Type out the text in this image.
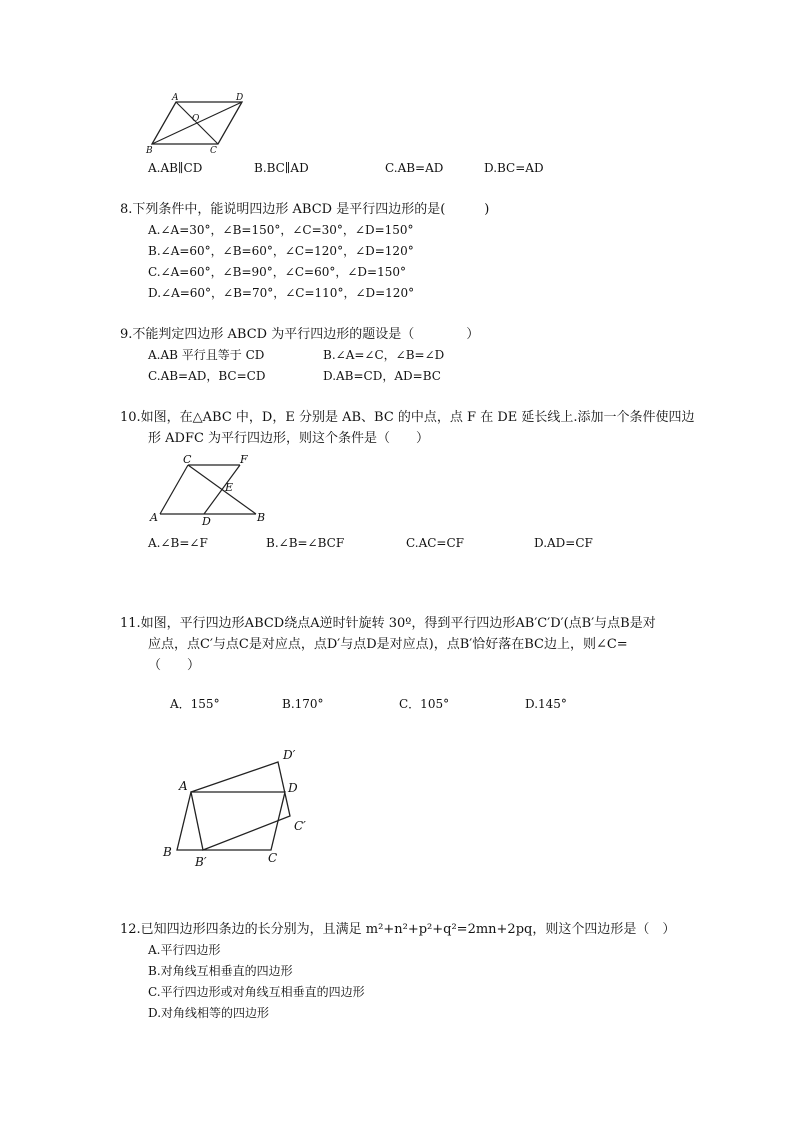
A	D
O
B	C
A.AB∥CD	B.BC∥AD	C.AB=AD	D.BC=AD
8.下列条件中，能说明四边形 ABCD 是平行四边形的是(　　　)
A.∠A=30°，∠B=150°，∠C=30°，∠D=150°
B.∠A=60°，∠B=60°，∠C=120°，∠D=120°
C.∠A=60°，∠B=90°，∠C=60°，∠D=150°
D.∠A=60°，∠B=70°，∠C=110°，∠D=120°
9.不能判定四边形 ABCD 为平行四边形的题设是（　　　　）
A.AB 平行且等于 CD	B.∠A=∠C，∠B=∠D
C.AB=AD，BC=CD	D.AB=CD，AD=BC
10.如图，在△ABC 中，D，E 分别是 AB、BC 的中点，点 F 在 DE 延长线上.添加一个条件使四边
形 ADFC 为平行四边形，则这个条件是（　　）
C	F
E
A	D	B
A.∠B=∠F	B.∠B=∠BCF	C.AC=CF	D.AD=CF
11.如图，平行四边形ABCD绕点A逆时针旋转 30º，得到平行四边形AB′C′D′(点B′与点B是对
应点，点C′与点C是对应点，点D′与点D是对应点)，点B′恰好落在BC边上，则∠C=
（　　）
A．155°	B.170°	C．105°	D.145°
D′
A	D
C′
B
B′	C
12.已知四边形四条边的长分别为，且满足 m²+n²+p²+q²=2mn+2pq，则这个四边形是（　）
A.平行四边形
B.对角线互相垂直的四边形
C.平行四边形或对角线互相垂直的四边形
D.对角线相等的四边形
